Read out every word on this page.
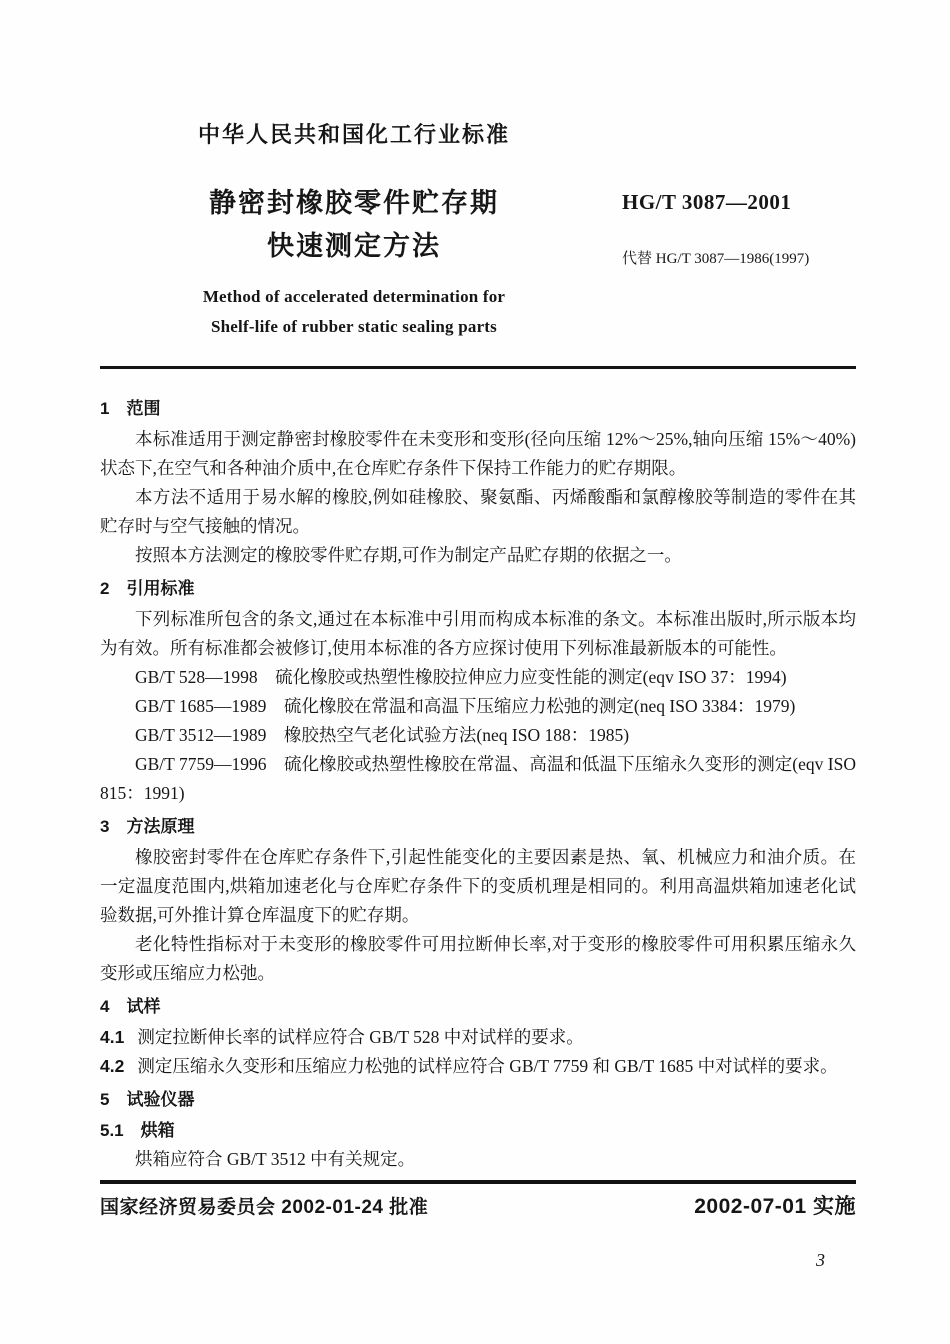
中华人民共和国化工行业标准
静密封橡胶零件贮存期
快速测定方法
Method of accelerated determination for
Shelf-life of rubber static sealing parts
HG/T 3087—2001
代替 HG/T 3087—1986(1997)
1　范围

本标准适用于测定静密封橡胶零件在未变形和变形(径向压缩 12%～25%,轴向压缩 15%～40%)状态下,在空气和各种油介质中,在仓库贮存条件下保持工作能力的贮存期限。

本方法不适用于易水解的橡胶,例如硅橡胶、聚氨酯、丙烯酸酯和氯醇橡胶等制造的零件在其贮存时与空气接触的情况。

按照本方法测定的橡胶零件贮存期,可作为制定产品贮存期的依据之一。

2　引用标准

下列标准所包含的条文,通过在本标准中引用而构成本标准的条文。本标准出版时,所示版本均为有效。所有标准都会被修订,使用本标准的各方应探讨使用下列标准最新版本的可能性。

GB/T 528—1998　硫化橡胶或热塑性橡胶拉伸应力应变性能的测定(eqv ISO 37：1994)

GB/T 1685—1989　硫化橡胶在常温和高温下压缩应力松弛的测定(neq ISO 3384：1979)

GB/T 3512—1989　橡胶热空气老化试验方法(neq ISO 188：1985)

GB/T 7759—1996　硫化橡胶或热塑性橡胶在常温、高温和低温下压缩永久变形的测定(eqv ISO 815：1991)

3　方法原理

橡胶密封零件在仓库贮存条件下,引起性能变化的主要因素是热、氧、机械应力和油介质。在一定温度范围内,烘箱加速老化与仓库贮存条件下的变质机理是相同的。利用高温烘箱加速老化试验数据,可外推计算仓库温度下的贮存期。

老化特性指标对于未变形的橡胶零件可用拉断伸长率,对于变形的橡胶零件可用积累压缩永久变形或压缩应力松弛。

4　试样

4.1 测定拉断伸长率的试样应符合 GB/T 528 中对试样的要求。

4.2 测定压缩永久变形和压缩应力松弛的试样应符合 GB/T 7759 和 GB/T 1685 中对试样的要求。

5　试验仪器
5.1　烘箱

烘箱应符合 GB/T 3512 中有关规定。

国家经济贸易委员会 2002-01-24 批准	2002-07-01 实施
3
